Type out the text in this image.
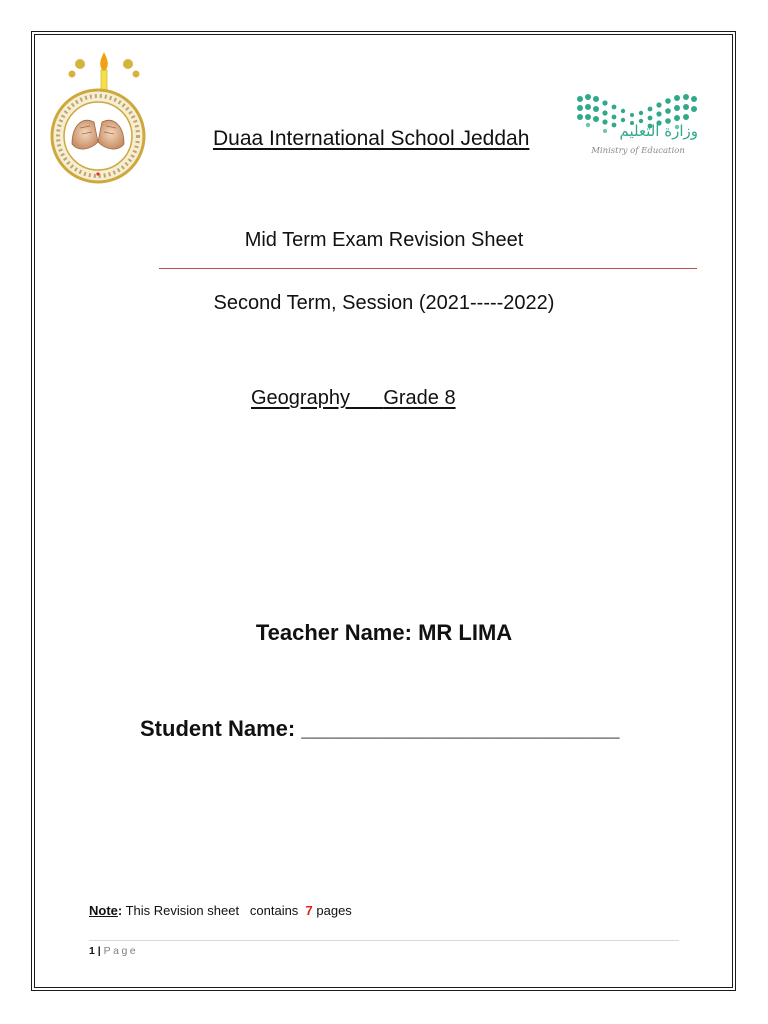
وزارة التعليم
Ministry of Education
Duaa International School Jeddah
Mid Term Exam Revision Sheet
Second Term, Session (2021-----2022)
Geography Grade 8
Teacher Name: MR LIMA
Student Name: __________________________
Note: This Revision sheet   contains  7 pages
1 | Page
